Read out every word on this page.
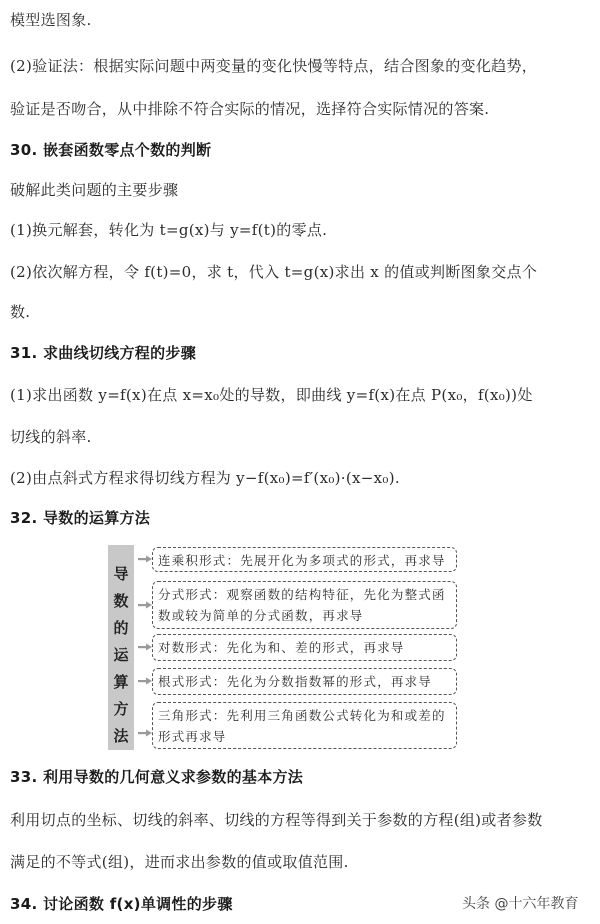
模型选图象.
(2)验证法：根据实际问题中两变量的变化快慢等特点，结合图象的变化趋势，
验证是否吻合，从中排除不符合实际的情况，选择符合实际情况的答案.
30. 嵌套函数零点个数的判断
破解此类问题的主要步骤
(1)换元解套，转化为 t=g(x)与 y=f(t)的零点.
(2)依次解方程，令 f(t)=0，求 t，代入 t=g(x)求出 x 的值或判断图象交点个
数.
31. 求曲线切线方程的步骤
(1)求出函数 y=f(x)在点 x=x₀处的导数，即曲线 y=f(x)在点 P(x₀，f(x₀))处
切线的斜率.
(2)由点斜式方程求得切线方程为 y−f(x₀)=f′(x₀)·(x−x₀).
32. 导数的运算方法
导
数
的
运
算
方
法
连乘积形式：先展开化为多项式的形式，再求导
分式形式：观察函数的结构特征，先化为整式函数或较为简单的分式函数，再求导
对数形式：先化为和、差的形式，再求导
根式形式：先化为分数指数幂的形式，再求导
三角形式：先利用三角函数公式转化为和或差的形式再求导
33. 利用导数的几何意义求参数的基本方法
利用切点的坐标、切线的斜率、切线的方程等得到关于参数的方程(组)或者参数
满足的不等式(组)，进而求出参数的值或取值范围.
34. 讨论函数 f(x)单调性的步骤	头条 @十六年教育
